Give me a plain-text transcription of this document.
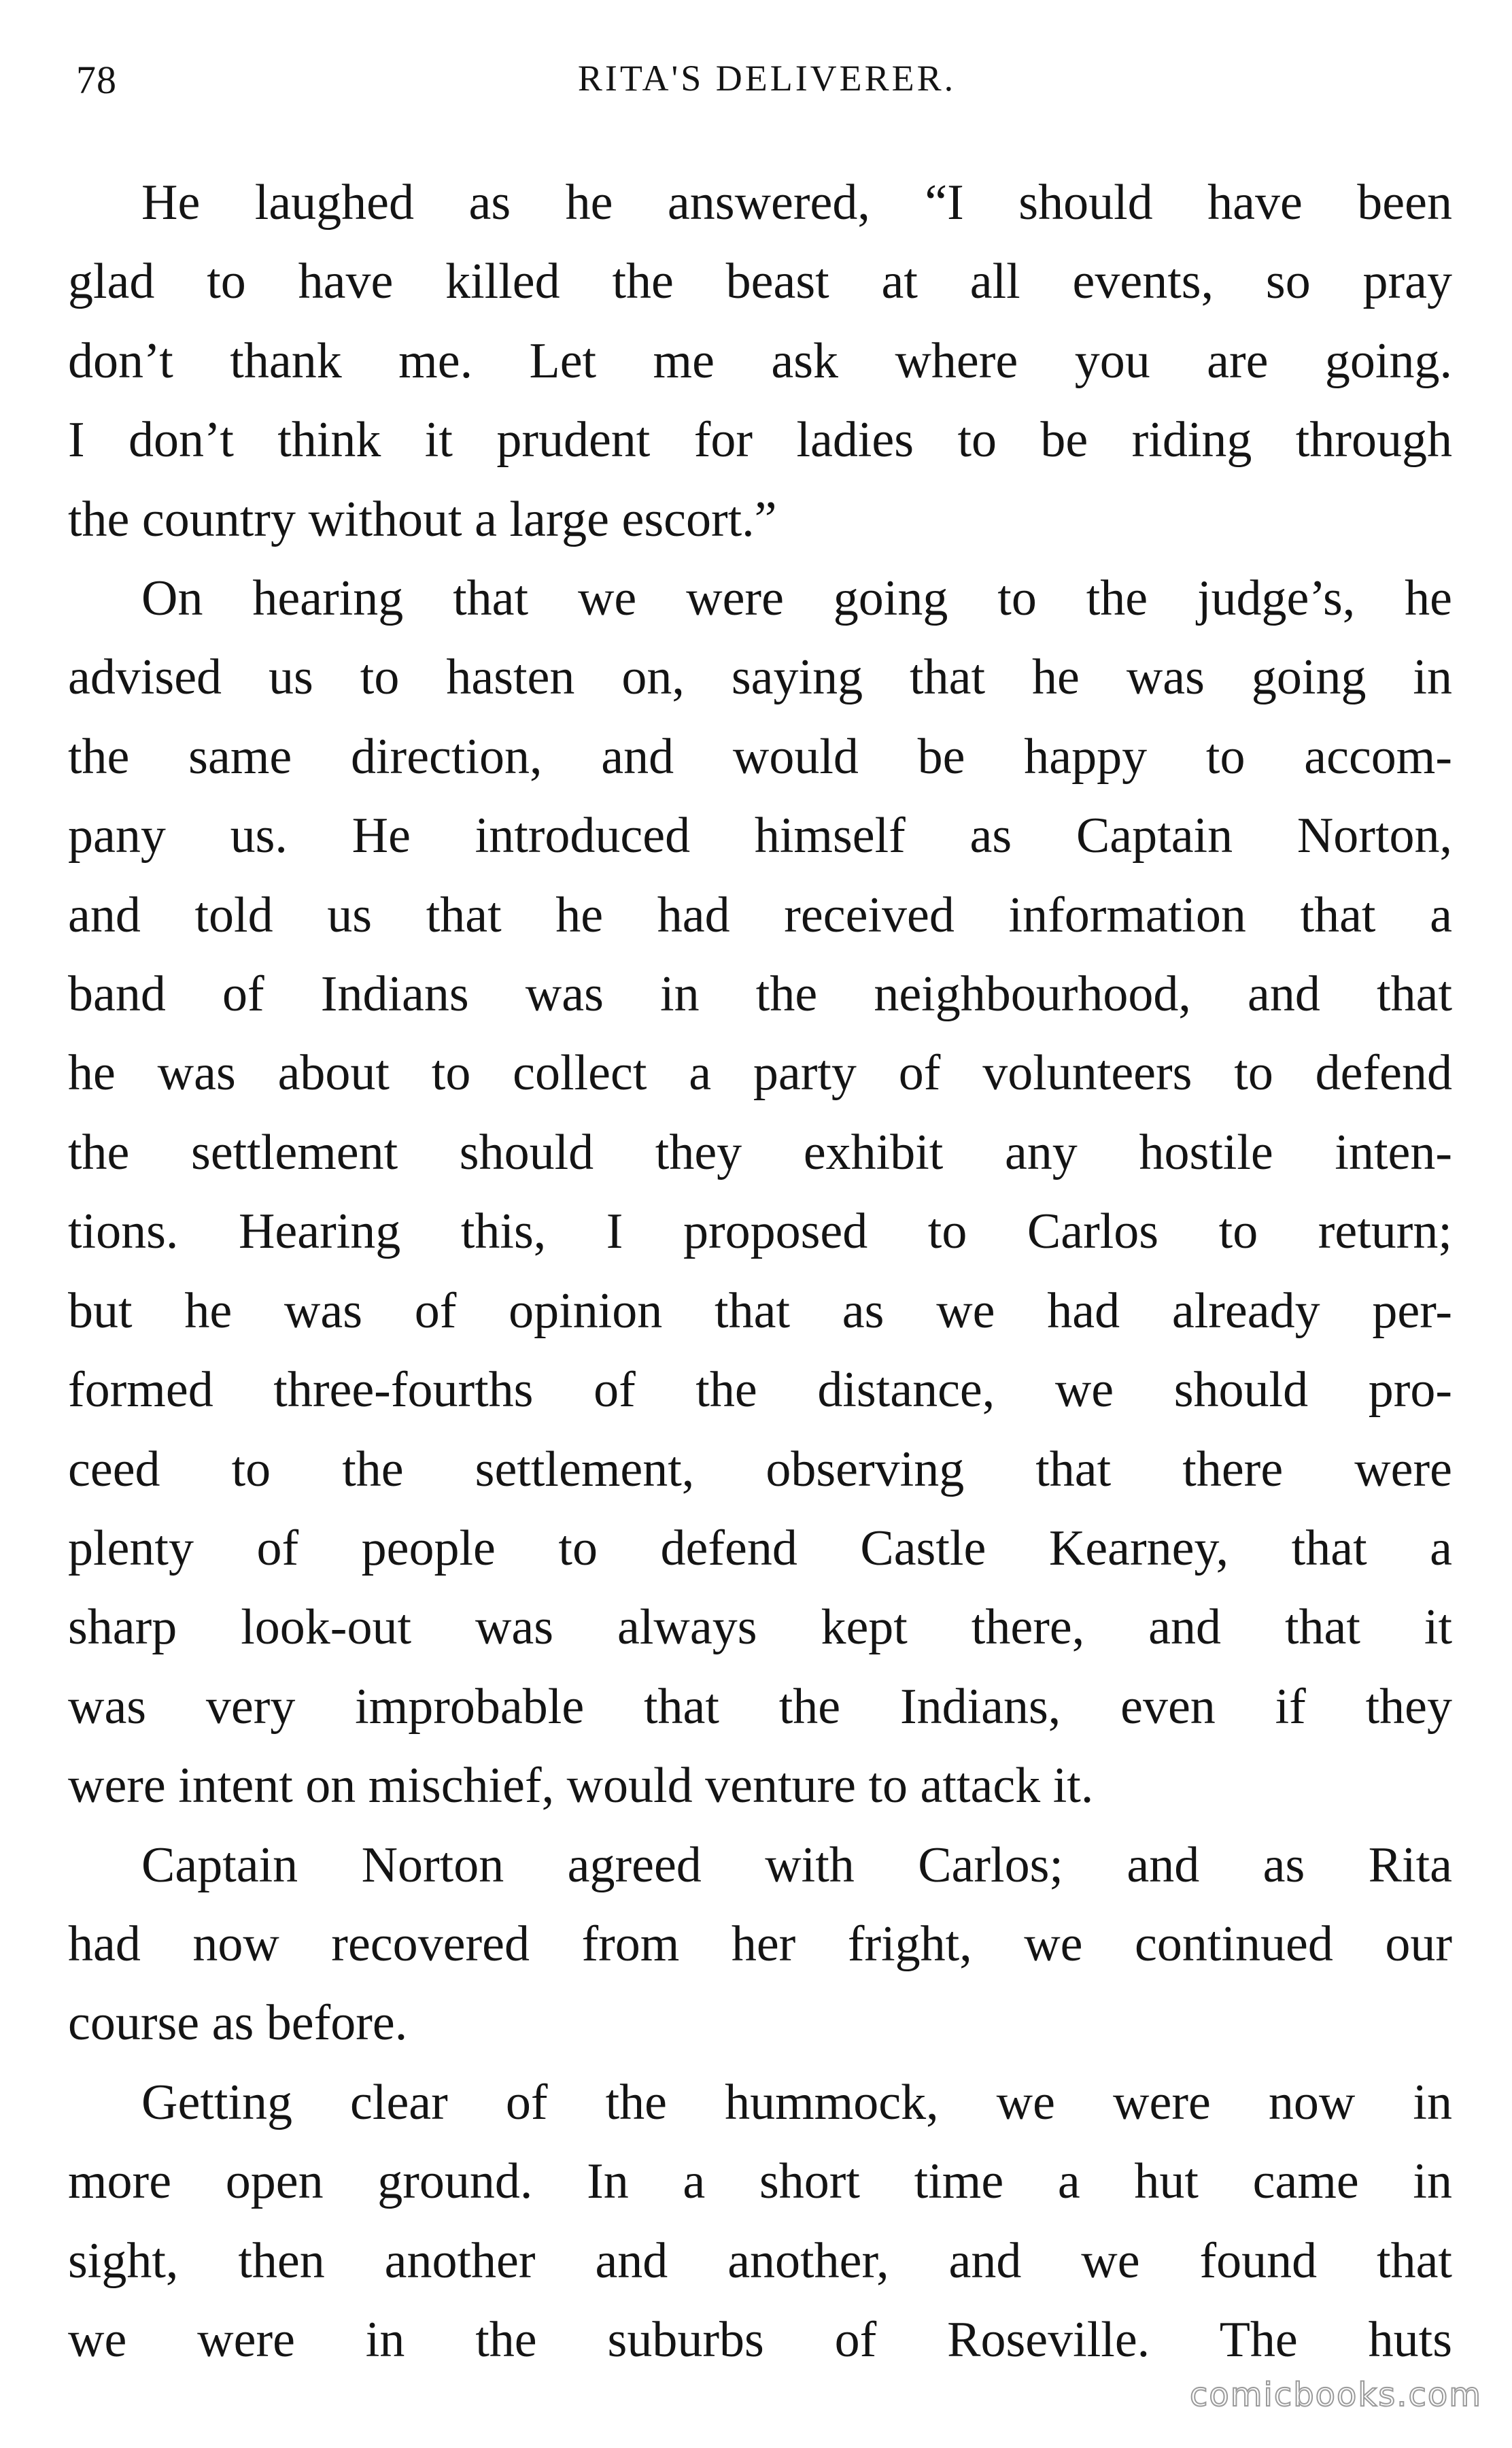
78	RITA'S DELIVERER.
He laughed as he answered, “I should have been
glad to have killed the beast at all events, so pray
don’t thank me. Let me ask where you are going.
I don’t think it prudent for ladies to be riding through
the country without a large escort.”
On hearing that we were going to the judge’s, he
advised us to hasten on, saying that he was going in
the same direction, and would be happy to accom-
pany us. He introduced himself as Captain Norton,
and told us that he had received information that a
band of Indians was in the neighbourhood, and that
he was about to collect a party of volunteers to defend
the settlement should they exhibit any hostile inten-
tions. Hearing this, I proposed to Carlos to return;
but he was of opinion that as we had already per-
formed three-fourths of the distance, we should pro-
ceed to the settlement, observing that there were
plenty of people to defend Castle Kearney, that a
sharp look-out was always kept there, and that it
was very improbable that the Indians, even if they
were intent on mischief, would venture to attack it.
Captain Norton agreed with Carlos; and as Rita
had now recovered from her fright, we continued our
course as before.
Getting clear of the hummock, we were now in
more open ground. In a short time a hut came in
sight, then another and another, and we found that
we were in the suburbs of Roseville. The huts
comicbooks.com
